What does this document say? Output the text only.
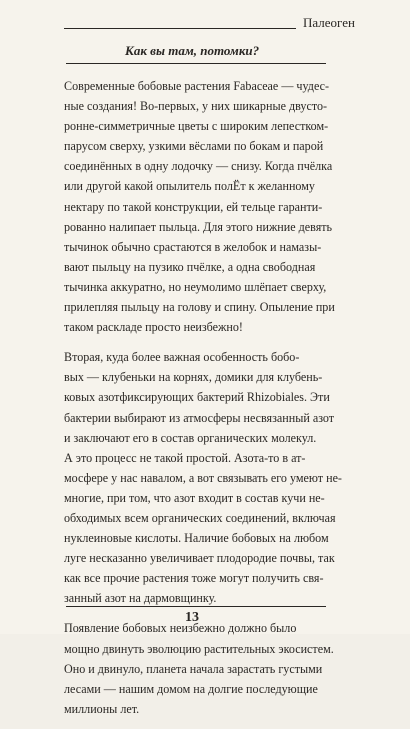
Палеоген
Как вы там, потомки?

Современные бобовые растения Fabaceae — чудес-
ные создания! Во-первых, у них шикарные двусто-
ронне-симметричные цветы с широким лепестком-
парусом сверху, узкими вёслами по бокам и парой
соединённых в одну лодочку — снизу. Когда пчёлка
или другой какой опылитель полЁт к желанному
нектару по такой конструкции, ей тельце гаранти-
рованно налипает пыльца. Для этого нижние девять
тычинок обычно срастаются в желобок и намазы-
вают пыльцу на пузико пчёлке, а одна свободная
тычинка аккуратно, но неумолимо шлёпает сверху,
прилепляя пыльцу на голову и спину. Опыление при
таком раскладе просто неизбежно!

Вторая, куда более важная особенность бобо-
вых — клубеньки на корнях, домики для клубень-
ковых азотфиксирующих бактерий Rhizobiales. Эти
бактерии выбирают из атмосферы несвязанный азот
и заключают его в состав органических молекул.
А это процесс не такой простой. Азота-то в ат-
мосфере у нас навалом, а вот связывать его умеют не-
многие, при том, что азот входит в состав кучи не-
обходимых всем органических соединений, включая
нуклеиновые кислоты. Наличие бобовых на любом
луге несказанно увеличивает плодородие почвы, так
как все прочие растения тоже могут получить свя-
занный азот на дармовщинку.

Появление бобовых неизбежно должно было
мощно двинуть эволюцию растительных экосистем.
Оно и двинуло, планета начала зарастать густыми
лесами — нашим домом на долгие последующие
миллионы лет.

13
